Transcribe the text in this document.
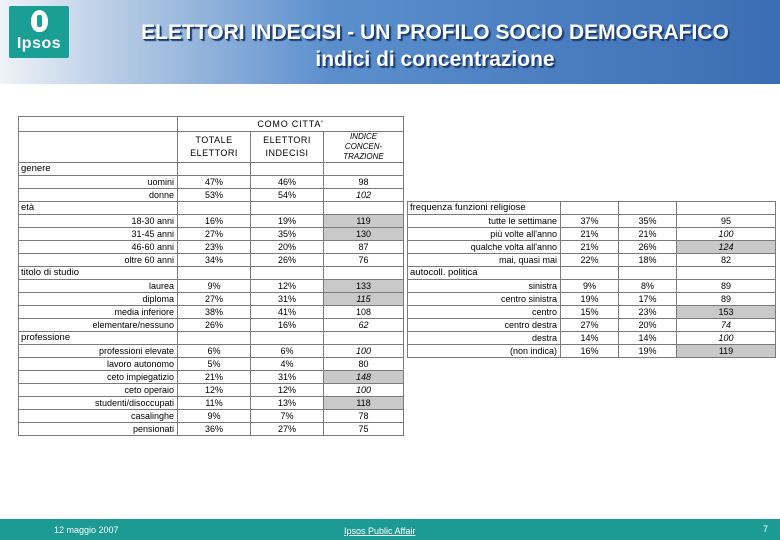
Ipsos	ELETTORI INDECISI - UN PROFILO SOCIO DEMOGRAFICO
indici di concentrazione
	COMO CITTA'		

	TOTALE ELETTORI	ELETTORI INDECISI	INDICE CONCEN-TRAZIONE

genere			
uomini	47%	46%	98
donne	53%	54%	102
età			
18-30 anni	16%	19%	119
31-45 anni	27%	35%	130
46-60 anni	23%	20%	87
oltre 60 anni	34%	26%	76
titolo di studio			
laurea	9%	12%	133
diploma	27%	31%	115
media inferiore	38%	41%	108
elementare/nessuno	26%	16%	62
professione			
professioni elevate	6%	6%	100
lavoro autonomo	5%	4%	80
ceto impiegatizio	21%	31%	148
ceto operaio	12%	12%	100
studenti/disoccupati	11%	13%	118
casalinghe	9%	7%	78
pensionati	36%	27%	75
frequenza funzioni religiose			
tutte le settimane	37%	35%	95
più volte all'anno	21%	21%	100
qualche volta all'anno	21%	26%	124
mai, quasi mai	22%	18%	82
autocoll. politica			
sinistra	9%	8%	89
centro sinistra	19%	17%	89
centro	15%	23%	153
centro destra	27%	20%	74
destra	14%	14%	100
(non indica)	16%	19%	119
12 maggio 2007	Ipsos Public Affair	7
